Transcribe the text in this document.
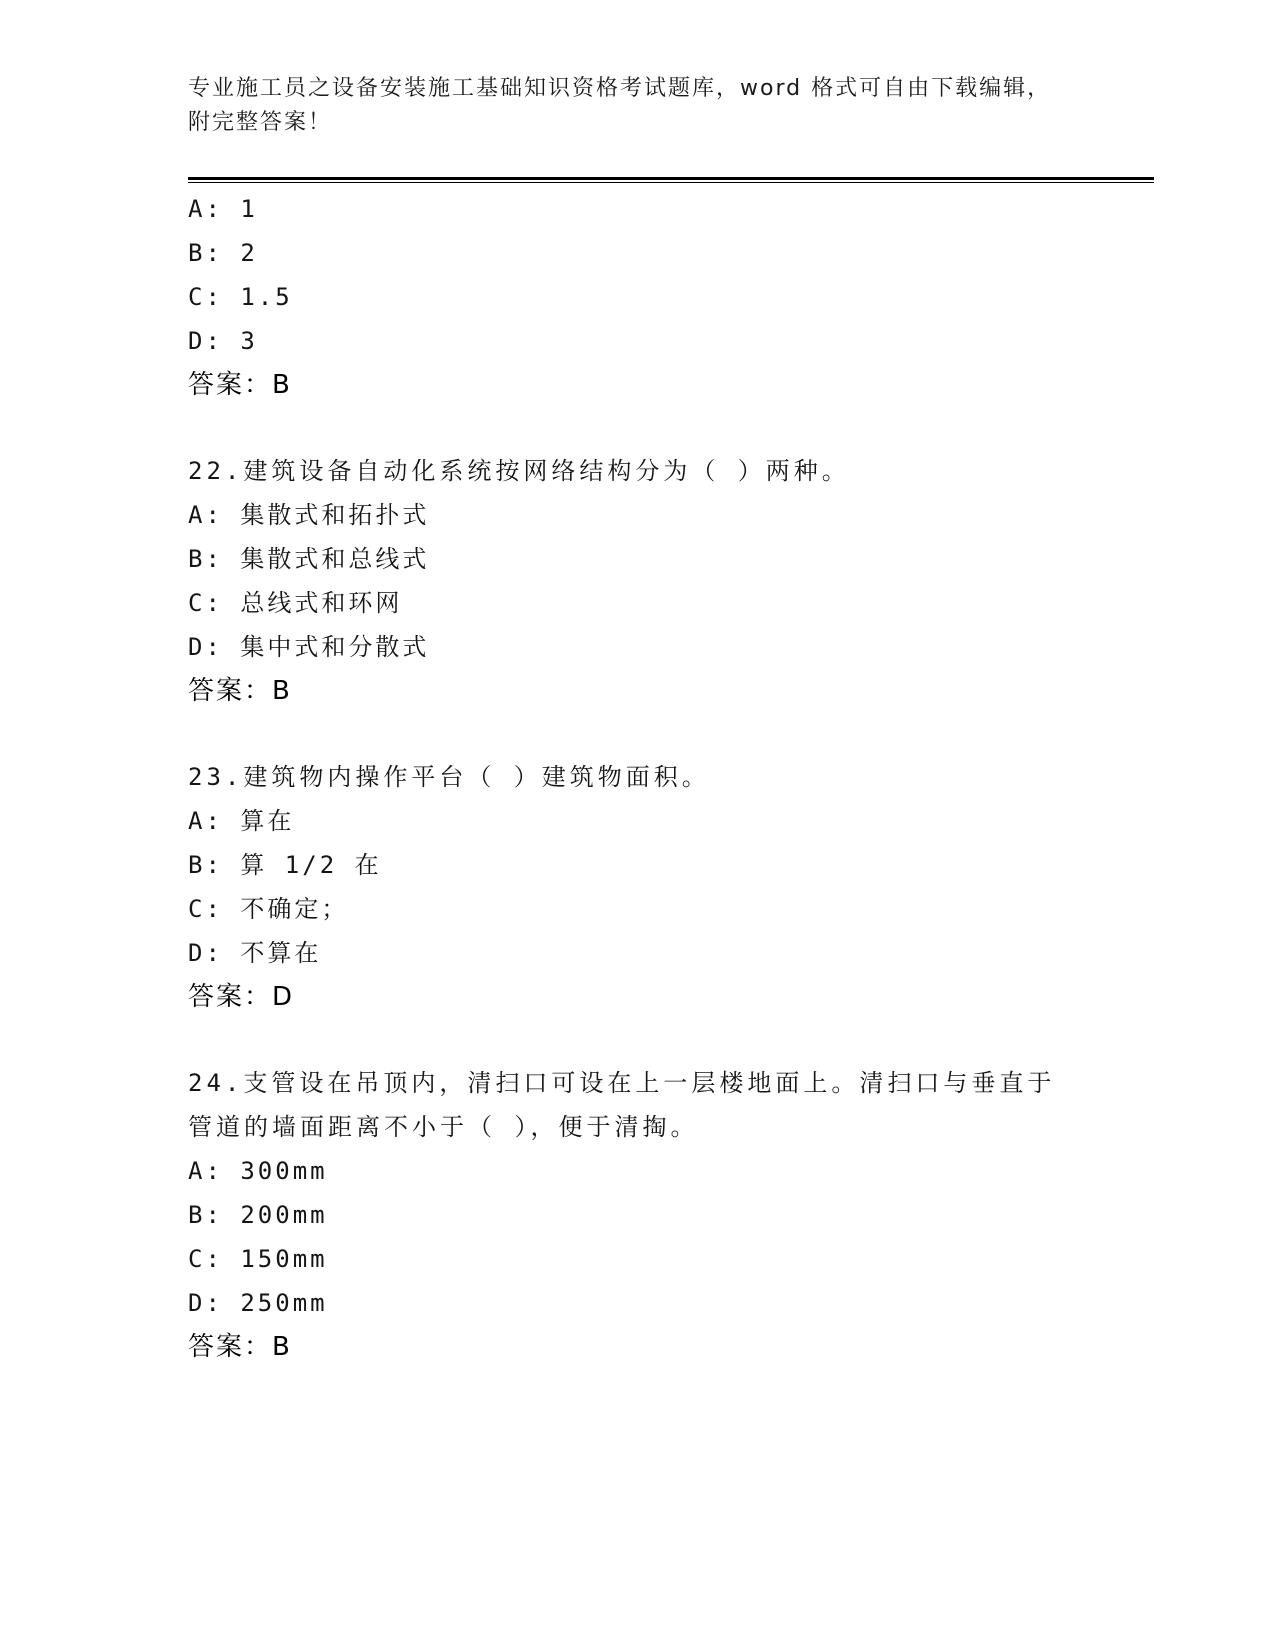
专业施工员之设备安装施工基础知识资格考试题库，word 格式可自由下载编辑，
附完整答案！
A: 1
B: 2
C: 1.5
D: 3
答案：B
22.建筑设备自动化系统按网络结构分为（ ）两种。
A: 集散式和拓扑式
B: 集散式和总线式
C: 总线式和环网
D: 集中式和分散式
答案：B
23.建筑物内操作平台（ ）建筑物面积。
A: 算在
B: 算 1/2 在
C: 不确定；
D: 不算在
答案：D
24.支管设在吊顶内，清扫口可设在上一层楼地面上。清扫口与垂直于
管道的墙面距离不小于（ ），便于清掏。
A: 300mm
B: 200mm
C: 150mm
D: 250mm
答案：B
